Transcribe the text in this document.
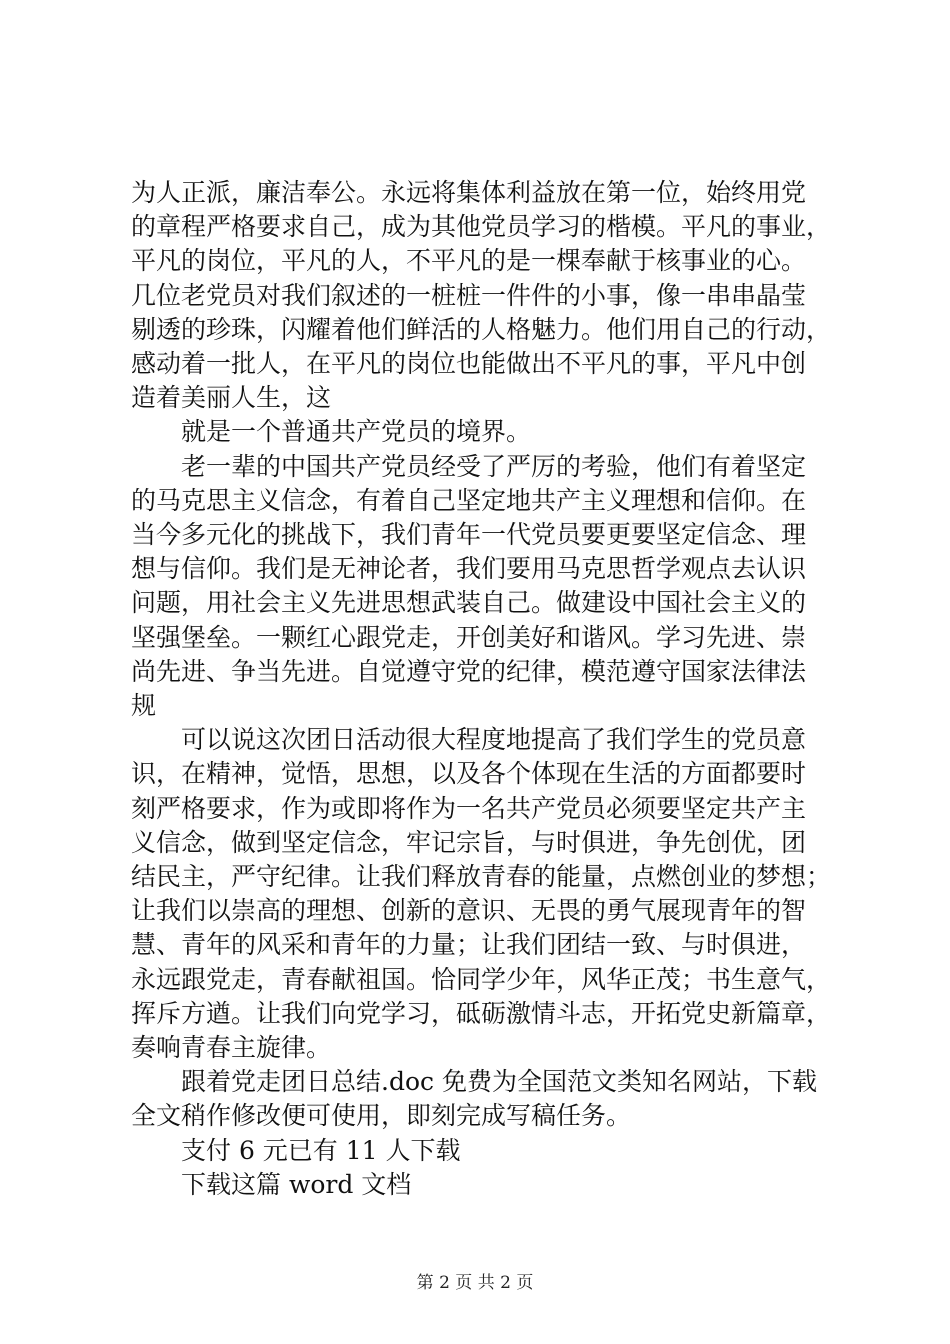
为人正派，廉洁奉公。永远将集体利益放在第一位，始终用党
的章程严格要求自己，成为其他党员学习的楷模。平凡的事业，
平凡的岗位，平凡的人，不平凡的是一棵奉献于核事业的心。
几位老党员对我们叙述的一桩桩一件件的小事，像一串串晶莹
剔透的珍珠，闪耀着他们鲜活的人格魅力。他们用自己的行动，
感动着一批人，在平凡的岗位也能做出不平凡的事，平凡中创
造着美丽人生，这

就是一个普通共产党员的境界。

老一辈的中国共产党员经受了严厉的考验，他们有着坚定
的马克思主义信念，有着自己坚定地共产主义理想和信仰。在
当今多元化的挑战下，我们青年一代党员要更要坚定信念、理
想与信仰。我们是无神论者，我们要用马克思哲学观点去认识
问题，用社会主义先进思想武装自己。做建设中国社会主义的
坚强堡垒。一颗红心跟党走，开创美好和谐风。学习先进、崇
尚先进、争当先进。自觉遵守党的纪律，模范遵守国家法律法
规

可以说这次团日活动很大程度地提高了我们学生的党员意
识，在精神，觉悟，思想，以及各个体现在生活的方面都要时
刻严格要求，作为或即将作为一名共产党员必须要坚定共产主
义信念，做到坚定信念，牢记宗旨，与时俱进，争先创优，团
结民主，严守纪律。让我们释放青春的能量，点燃创业的梦想；
让我们以崇高的理想、创新的意识、无畏的勇气展现青年的智
慧、青年的风采和青年的力量；让我们团结一致、与时俱进，
永远跟党走，青春献祖国。恰同学少年，风华正茂；书生意气，
挥斥方遒。让我们向党学习，砥砺激情斗志，开拓党史新篇章，
奏响青春主旋律。

跟着党走团日总结.doc 免费为全国范文类知名网站，下载
全文稍作修改便可使用，即刻完成写稿任务。

支付 6 元已有 11 人下载

下载这篇 word 文档

第 2 页 共 2 页
